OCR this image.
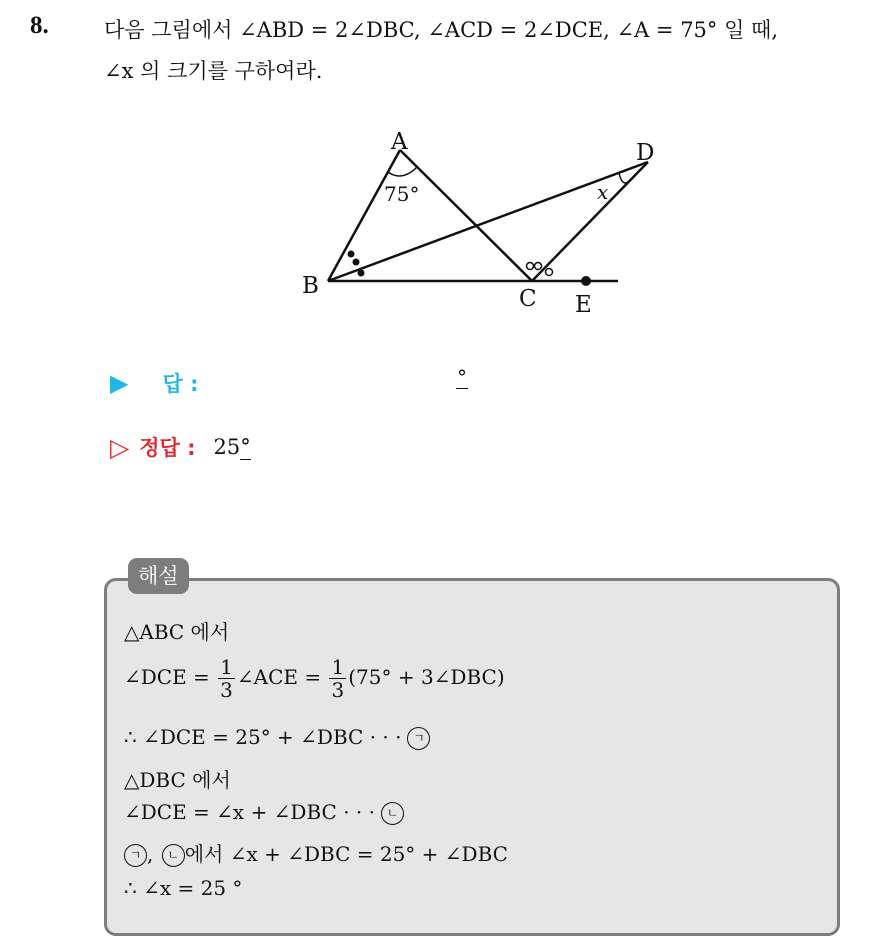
8.	다음 그림에서 ∠ABD = 2∠DBC, ∠ACD = 2∠DCE, ∠A = 75° 일 때,
∠x 의 크기를 구하여라.
A
B	C
D
E
75°	x
▶ 답 :	°
▷ 정답 : 25°
해설
△ABC 에서
∠DCE = $\frac{1}{3}$ ∠ACE = $\frac{1}{3} (75^\circ$ + 3∠DBC)
∴ ∠DCE = 25° + ∠DBC · · · ㄱ
△DBC 에서
∠DCE = ∠x + ∠DBC · · · ㄴ
ㄱ , ㄴ 에서 ∠x + ∠DBC = 25° + ∠DBC
∴ ∠x = 25 °
